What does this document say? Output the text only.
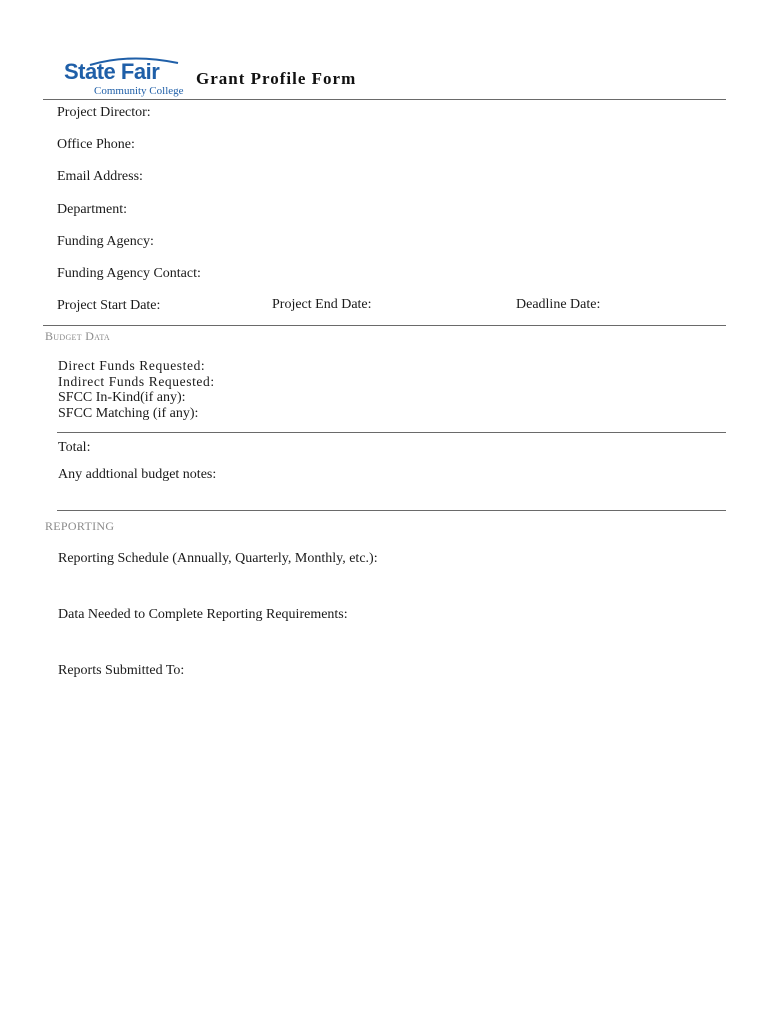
State Fair
Community College
Grant Profile Form
Project Director:
Office Phone:
Email Address:
Department:
Funding Agency:
Funding Agency Contact:
Project Start Date:	Project End Date:	Deadline Date:
Budget Data
Direct Funds Requested:
Indirect Funds Requested:
SFCC In-Kind(if any):
SFCC Matching (if any):
Total:
Any addtional budget notes:
REPORTING
Reporting Schedule (Annually, Quarterly, Monthly, etc.):
Data Needed to Complete Reporting Requirements:
Reports Submitted To:
